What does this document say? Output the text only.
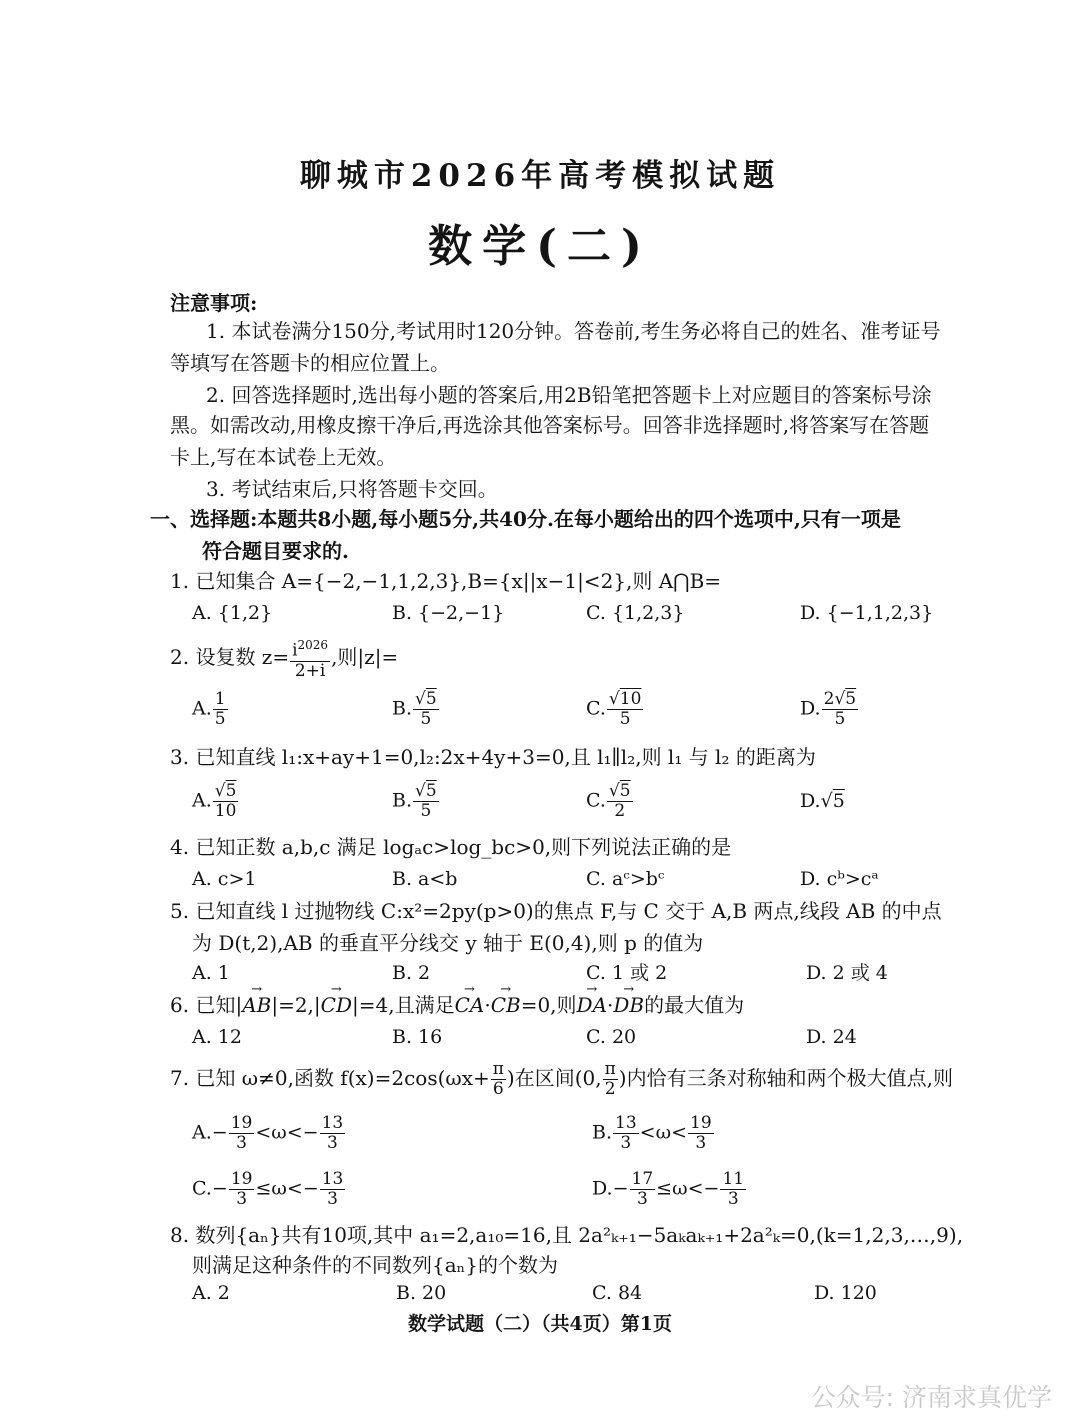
聊城市2026年高考模拟试题
数学(二)
注意事项:
1. 本试卷满分150分,考试用时120分钟。答卷前,考生务必将自己的姓名、准考证号
等填写在答题卡的相应位置上。
2. 回答选择题时,选出每小题的答案后,用2B铅笔把答题卡上对应题目的答案标号涂
黑。如需改动,用橡皮擦干净后,再选涂其他答案标号。回答非选择题时,将答案写在答题
卡上,写在本试卷上无效。
3. 考试结束后,只将答题卡交回。
一、选择题:本题共8小题,每小题5分,共40分.在每小题给出的四个选项中,只有一项是
符合题目要求的.
1. 已知集合 A={−2,−1,1,2,3},B={x||x−1|<2},则 A⋂B=
A. {1,2}	B. {−2,−1}	C. {1,2,3}	D. {−1,1,2,3}
2. 设复数 $z= \frac{i^{2026}}{2+i}$ ,则|z|=
A. $\frac{1}{5}$	B. $\frac{√5}{5}$	C. $\frac{√10}{5}$	D. $\frac{2√5}{5}$
3. 已知直线 l₁:x+ay+1=0,l₂:2x+4y+3=0,且 l₁∥l₂,则 l₁ 与 l₂ 的距离为
A. $\frac{√5}{10}$	B. $\frac{√5}{5}$	C. $\frac{√5}{2}$	D.√5
4. 已知正数 a,b,c 满足 logₐc>log_bc>0,则下列说法正确的是
A. c>1	B. a<b	C. aᶜ>bᶜ	D. cᵇ>cᵃ
5. 已知直线 l 过抛物线 C:x²=2py(p>0)的焦点 F,与 C 交于 A,B 两点,线段 AB 的中点
为 D(t,2),AB 的垂直平分线交 y 轴于 E(0,4),则 p 的值为
A. 1	B. 2	C. 1 或 2	D. 2 或 4
6. 已知|→ AB|=2,|→ CD|=4,且满足→ CA·→ CB=0,则→ DA·→ DB的最大值为
A. 12	B. 16	C. 20	D. 24
7. 已知 ω≠0,函数 $f(x)=2\cos(\omega x+ \frac{\pi}{6}$ )在区间(0, $\frac{\pi}{2}$ )内恰有三条对称轴和两个极大值点,则
$A.- \frac{19}{3} <\omega<- \frac{13}{3}$	B. $\frac{13}{3} <\omega< \frac{19}{3}$
$C.- \frac{19}{3} \le\omega<- \frac{13}{3}$	$D.- \frac{17}{3} \le\omega<- \frac{11}{3}$
8. 数列{aₙ}共有10项,其中 a₁=2,a₁₀=16,且 2a²ₖ₊₁−5aₖaₖ₊₁+2a²ₖ=0,(k=1,2,3,…,9),
则满足这种条件的不同数列{aₙ}的个数为
A. 2	B. 20	C. 84	D. 120
数学试题（二）（共4页）第1页
公众号: 济南求真优学
